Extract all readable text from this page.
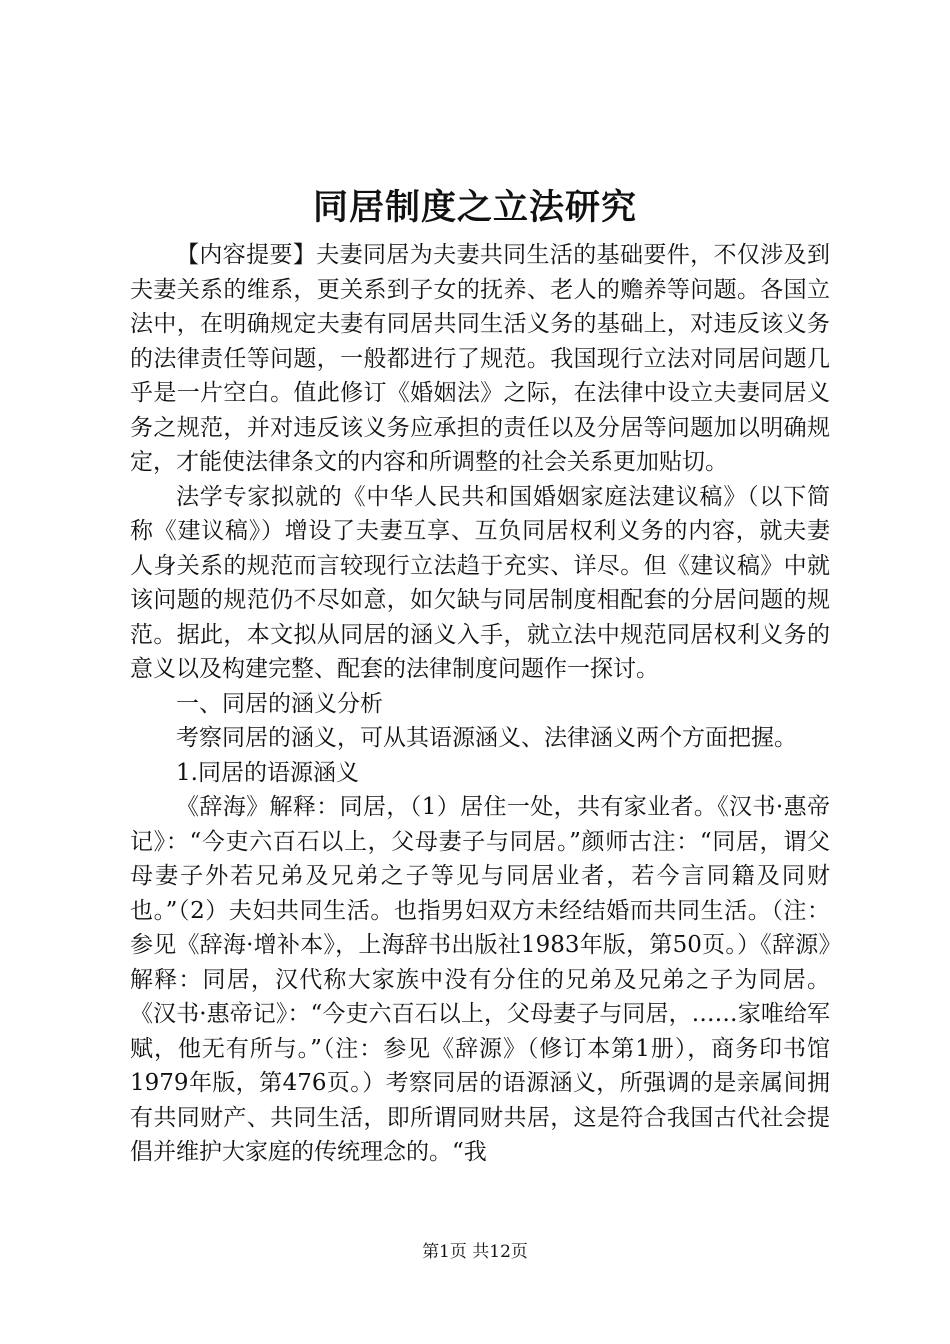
同居制度之立法研究

【内容提要】夫妻同居为夫妻共同生活的基础要件，不仅涉及到夫妻关系的维系，更关系到子女的抚养、老人的赡养等问题。各国立法中，在明确规定夫妻有同居共同生活义务的基础上，对违反该义务的法律责任等问题，一般都进行了规范。我国现行立法对同居问题几乎是一片空白。值此修订《婚姻法》之际，在法律中设立夫妻同居义务之规范，并对违反该义务应承担的责任以及分居等问题加以明确规定，才能使法律条文的内容和所调整的社会关系更加贴切。

法学专家拟就的《中华人民共和国婚姻家庭法建议稿》（以下简称《建议稿》）增设了夫妻互享、互负同居权利义务的内容，就夫妻人身关系的规范而言较现行立法趋于充实、详尽。但《建议稿》中就该问题的规范仍不尽如意，如欠缺与同居制度相配套的分居问题的规范。据此，本文拟从同居的涵义入手，就立法中规范同居权利义务的意义以及构建完整、配套的法律制度问题作一探讨。

一、同居的涵义分析

考察同居的涵义，可从其语源涵义、法律涵义两个方面把握。

1.同居的语源涵义

《辞海》解释：同居，（1）居住一处，共有家业者。《汉书·惠帝记》：“今吏六百石以上，父母妻子与同居。”颜师古注：“同居，谓父母妻子外若兄弟及兄弟之子等见与同居业者，若今言同籍及同财也。”（2）夫妇共同生活。也指男妇双方未经结婚而共同生活。（注：参见《辞海·增补本》，上海辞书出版社1983年版，第50页。）《辞源》解释：同居，汉代称大家族中没有分住的兄弟及兄弟之子为同居。《汉书·惠帝记》：“今吏六百石以上，父母妻子与同居，……家唯给军赋，他无有所与。”（注：参见《辞源》（修订本第1册），商务印书馆1979年版，第476页。）考察同居的语源涵义，所强调的是亲属间拥有共同财产、共同生活，即所谓同财共居，这是符合我国古代社会提倡并维护大家庭的传统理念的。“我

第1页 共12页
